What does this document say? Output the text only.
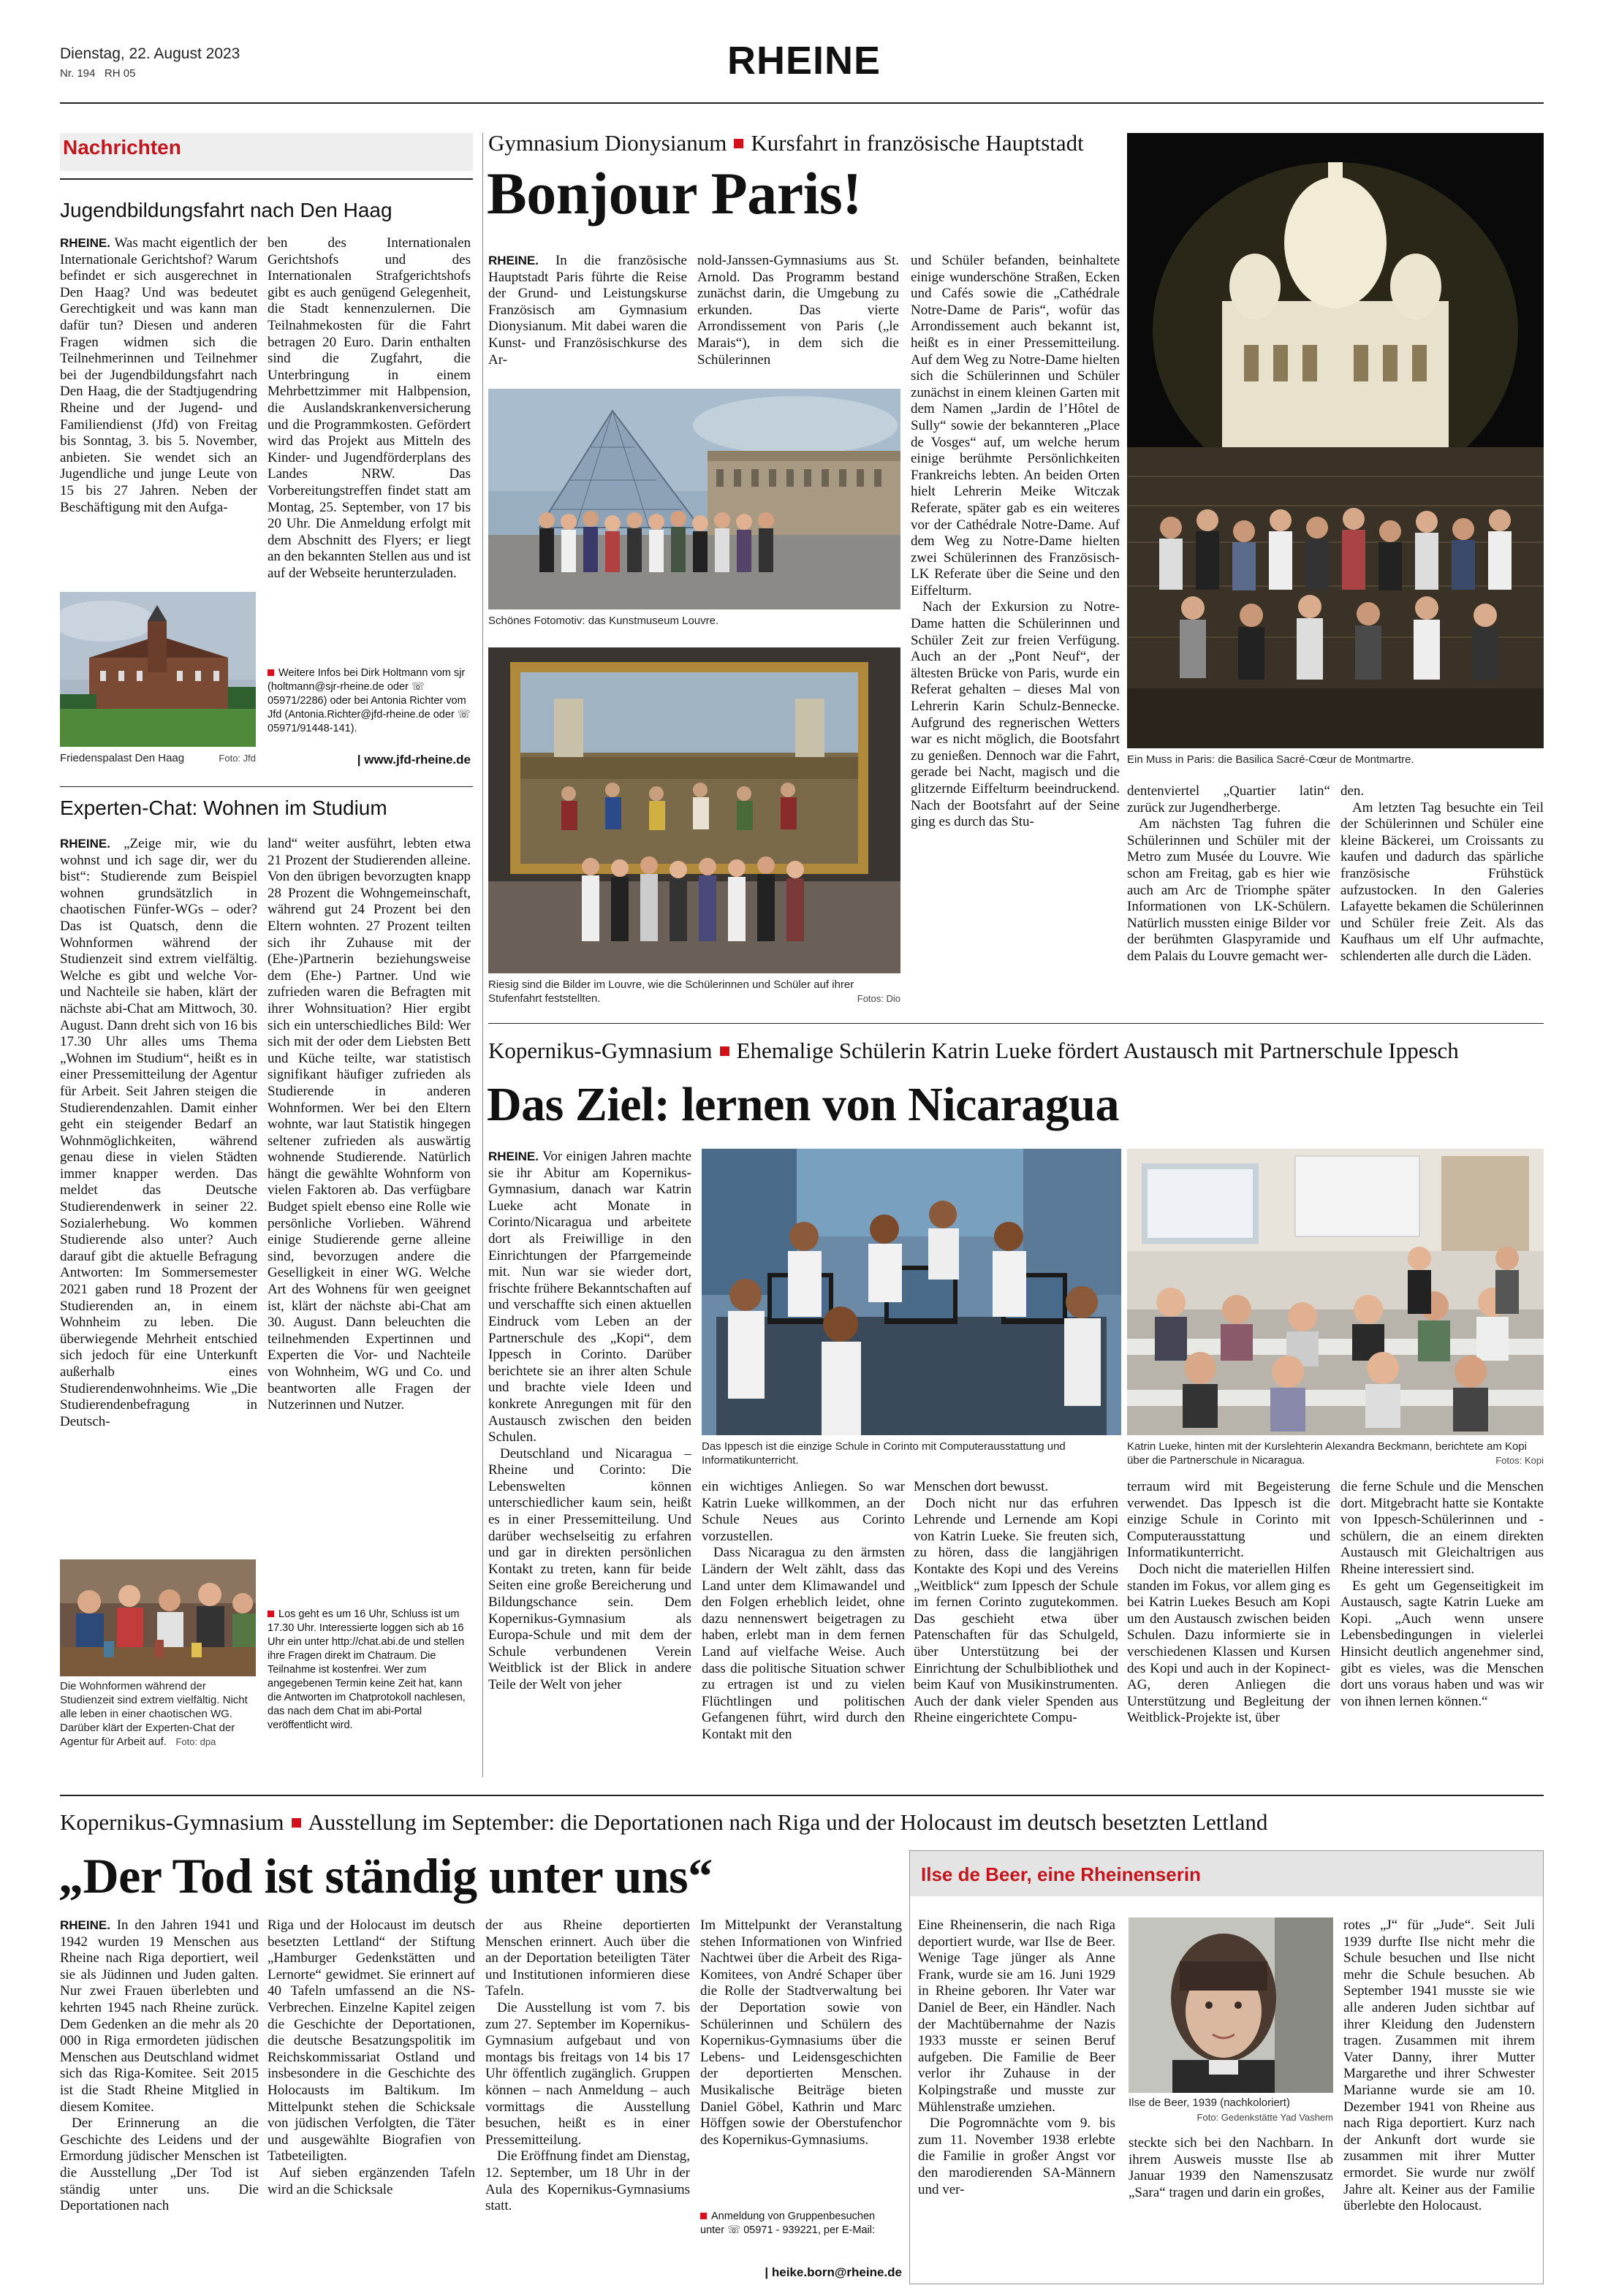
Dienstag, 22. August 2023
Nr. 194 RH 05	RHEINE
Nachrichten
Jugendbildungsfahrt nach Den Haag
RHEINE. Was macht eigentlich der Internationale Gerichtshof? Warum befindet er sich ausgerechnet in Den Haag? Und was bedeutet Gerechtigkeit und was kann man dafür tun? Diesen und anderen Fragen widmen sich die Teilnehmerinnen und Teilnehmer bei der Jugendbildungsfahrt nach Den Haag, die der Stadtjugendring Rheine und der Jugend- und Familiendienst (Jfd) von Freitag bis Sonntag, 3. bis 5. November, anbieten. Sie wendet sich an Jugendliche und junge Leute von 15 bis 27 Jahren. Neben der Beschäftigung mit den Aufga-
ben des Internationalen Gerichtshofs und des Internationalen Strafgerichtshofs gibt es auch genügend Gelegenheit, die Stadt kennenzulernen. Die Teilnahmekosten für die Fahrt betragen 20 Euro. Darin enthalten sind die Zugfahrt, die Unterbringung in einem Mehrbettzimmer mit Halbpension, die Auslandskrankenversicherung und die Programmkosten. Gefördert wird das Projekt aus Mitteln des Kinder- und Jugendförderplans des Landes NRW. Das Vorbereitungstreffen findet statt am Montag, 25. September, von 17 bis 20 Uhr. Die Anmeldung erfolgt mit dem Abschnitt des Flyers; er liegt an den bekannten Stellen aus und ist auf der Webseite herunterzuladen.
Friedenspalast Den Haag	Foto: Jfd
Weitere Infos bei Dirk Holtmann vom sjr (holtmann@sjr-rheine.de oder ☏ 05971/2286) oder bei Antonia Richter vom Jfd (Antonia.Richter@jfd-rheine.de oder ☏ 05971/91448-141).
| www.jfd-rheine.de
Experten-Chat: Wohnen im Studium
RHEINE. „Zeige mir, wie du wohnst und ich sage dir, wer du bist“: Studierende zum Beispiel wohnen grundsätzlich in chaotischen Fünfer-WGs – oder? Das ist Quatsch, denn die Wohnformen während der Studienzeit sind extrem vielfältig. Welche es gibt und welche Vor- und Nachteile sie haben, klärt der nächste abi-Chat am Mittwoch, 30. August. Dann dreht sich von 16 bis 17.30 Uhr alles ums Thema „Wohnen im Studium“, heißt es in einer Pressemitteilung der Agentur für Arbeit. Seit Jahren steigen die Studierendenzahlen. Damit einher geht ein steigender Bedarf an Wohnmöglichkeiten, während genau diese in vielen Städten immer knapper werden. Das meldet das Deutsche Studierendenwerk in seiner 22. Sozialerhebung. Wo kommen Studierende also unter? Auch darauf gibt die aktuelle Befragung Antworten: Im Sommersemester 2021 gaben rund 18 Prozent der Studierenden an, in einem Wohnheim zu leben. Die überwiegende Mehrheit entschied sich jedoch für eine Unterkunft außerhalb eines Studierendenwohnheims. Wie „Die Studierendenbefragung in Deutsch-
land“ weiter ausführt, lebten etwa 21 Prozent der Studierenden alleine. Von den übrigen bevorzugten knapp 28 Prozent die Wohngemeinschaft, während gut 24 Prozent bei den Eltern wohnten. 27 Prozent teilten sich ihr Zuhause mit der (Ehe-)Partnerin beziehungsweise dem (Ehe-) Partner. Und wie zufrieden waren die Befragten mit ihrer Wohnsituation? Hier ergibt sich ein unterschiedliches Bild: Wer sich mit der oder dem Liebsten Bett und Küche teilte, war statistisch signifikant häufiger zufrieden als Studierende in anderen Wohnformen. Wer bei den Eltern wohnte, war laut Statistik hingegen seltener zufrieden als auswärtig wohnende Studierende. Natürlich hängt die gewählte Wohnform von vielen Faktoren ab. Das verfügbare Budget spielt ebenso eine Rolle wie persönliche Vorlieben. Während einige Studierende gerne alleine sind, bevorzugen andere die Geselligkeit in einer WG. Welche Art des Wohnens für wen geeignet ist, klärt der nächste abi-Chat am 30. August. Dann beleuchten die teilnehmenden Expertinnen und Experten die Vor- und Nachteile von Wohnheim, WG und Co. und beantworten alle Fragen der Nutzerinnen und Nutzer.
Die Wohnformen während der Studienzeit sind extrem vielfältig. Nicht alle leben in einer chaotischen WG. Darüber klärt der Experten-Chat der Agentur für Arbeit auf. Foto: dpa
Los geht es um 16 Uhr, Schluss ist um 17.30 Uhr. Interessierte loggen sich ab 16 Uhr ein unter http://chat.abi.de und stellen ihre Fragen direkt im Chatraum. Die Teilnahme ist kostenfrei. Wer zum angegebenen Termin keine Zeit hat, kann die Antworten im Chatprotokoll nachlesen, das nach dem Chat im abi-Portal veröffentlicht wird.
Gymnasium Dionysianum Kursfahrt in französische Hauptstadt
Bonjour Paris!
RHEINE. In die französische Hauptstadt Paris führte die Reise der Grund- und Leistungskurse Französisch am Gymnasium Dionysianum. Mit dabei waren die Kunst- und Französischkurse des Ar-
nold-Janssen-Gymnasiums aus St. Arnold. Das Programm bestand zunächst darin, die Umgebung zu erkunden. Das vierte Arrondissement von Paris („le Marais“), in dem sich die Schülerinnen
Schönes Fotomotiv: das Kunstmuseum Louvre.
Riesig sind die Bilder im Louvre, wie die Schülerinnen und Schüler auf ihrer Stufenfahrt feststellten.	Fotos: Dio

und Schüler befanden, beinhaltete einige wunderschöne Straßen, Ecken und Cafés sowie die „Cathédrale Notre-Dame de Paris“, wofür das Arrondissement auch bekannt ist, heißt es in einer Pressemitteilung. Auf dem Weg zu Notre-Dame hielten sich die Schülerinnen und Schüler zunächst in einem kleinen Garten mit dem Namen „Jardin de l’Hôtel de Sully“ sowie der bekannteren „Place de Vosges“ auf, um welche herum einige berühmte Persönlichkeiten Frankreichs lebten. An beiden Orten hielt Lehrerin Meike Witczak Referate, später gab es ein weiteres vor der Cathédrale Notre-Dame. Auf dem Weg zu Notre-Dame hielten zwei Schülerinnen des Französisch-LK Referate über die Seine und den Eiffelturm.

Nach der Exkursion zu Notre-Dame hatten die Schülerinnen und Schüler Zeit zur freien Verfügung. Auch an der „Pont Neuf“, der ältesten Brücke von Paris, wurde ein Referat gehalten – dieses Mal von Lehrerin Karin Schulz-Bennecke. Aufgrund des regnerischen Wetters war es nicht möglich, die Bootsfahrt zu genießen. Dennoch war die Fahrt, gerade bei Nacht, magisch und die glitzernde Eiffelturm beeindruckend. Nach der Bootsfahrt auf der Seine ging es durch das Stu-

Ein Muss in Paris: die Basilica Sacré-Cœur de Montmartre.

dentenviertel „Quartier latin“ zurück zur Jugendherberge.

Am nächsten Tag fuhren die Schülerinnen und Schüler mit der Metro zum Musée du Louvre. Wie schon am Freitag, gab es hier wie auch am Arc de Triomphe später Informationen von LK-Schülern. Natürlich mussten einige Bilder vor der berühmten Glaspyramide und dem Palais du Louvre gemacht wer-

den.

Am letzten Tag besuchte ein Teil der Schülerinnen und Schüler eine kleine Bäckerei, um Croissants zu kaufen und dadurch das spärliche französische Frühstück aufzustocken. In den Galeries Lafayette bekamen die Schülerinnen und Schüler freie Zeit. Als das Kaufhaus um elf Uhr aufmachte, schlenderten alle durch die Läden.

Kopernikus-Gymnasium Ehemalige Schülerin Katrin Lueke fördert Austausch mit Partnerschule Ippesch
Das Ziel: lernen von Nicaragua

RHEINE. Vor einigen Jahren machte sie ihr Abitur am Kopernikus-Gymnasium, danach war Katrin Lueke acht Monate in Corinto/Nicaragua und arbeitete dort als Freiwillige in den Einrichtungen der Pfarrgemeinde mit. Nun war sie wieder dort, frischte frühere Bekanntschaften auf und verschaffte sich einen aktuellen Eindruck vom Leben an der Partnerschule des „Kopi“, dem Ippesch in Corinto. Darüber berichtete sie an ihrer alten Schule und brachte viele Ideen und konkrete Anregungen mit für den Austausch zwischen den beiden Schulen.

Deutschland und Nicaragua – Rheine und Corinto: Die Lebenswelten können unterschiedlicher kaum sein, heißt es in einer Pressemitteilung. Und darüber wechselseitig zu erfahren und gar in direkten persönlichen Kontakt zu treten, kann für beide Seiten eine große Bereicherung und Bildungschance sein. Dem Kopernikus-Gymnasium als Europa-Schule und mit dem der Schule verbundenen Verein Weitblick ist der Blick in andere Teile der Welt von jeher

Das Ippesch ist die einzige Schule in Corinto mit Computerausstattung und Informatikunterricht.
Katrin Lueke, hinten mit der Kurslehterin Alexandra Beckmann, berichtete am Kopi über die Partnerschule in Nicaragua.	Fotos: Kopi

ein wichtiges Anliegen. So war Katrin Lueke willkommen, an der Schule Neues aus Corinto vorzustellen.

Dass Nicaragua zu den ärmsten Ländern der Welt zählt, dass das Land unter dem Klimawandel und den Folgen erheblich leidet, ohne dazu nennenswert beigetragen zu haben, erlebt man in dem fernen Land auf vielfache Weise. Auch dass die politische Situation schwer zu ertragen ist und zu vielen Flüchtlingen und politischen Gefangenen führt, wird durch den Kontakt mit den

Menschen dort bewusst.

Doch nicht nur das erfuhren Lehrende und Lernende am Kopi von Katrin Lueke. Sie freuten sich, zu hören, dass die langjährigen Kontakte des Kopi und des Vereins „Weitblick“ zum Ippesch der Schule im fernen Corinto zugutekommen. Das geschieht etwa über Patenschaften für das Schulgeld, über Unterstützung bei der Einrichtung der Schulbibliothek und beim Kauf von Musikinstrumenten. Auch der dank vieler Spenden aus Rheine eingerichtete Compu-

terraum wird mit Begeisterung verwendet. Das Ippesch ist die einzige Schule in Corinto mit Computerausstattung und Informatikunterricht.

Doch nicht die materiellen Hilfen standen im Fokus, vor allem ging es bei Katrin Luekes Besuch am Kopi um den Austausch zwischen beiden Schulen. Dazu informierte sie in verschiedenen Klassen und Kursen des Kopi und auch in der Kopinect-AG, deren Anliegen die Unterstützung und Begleitung der Weitblick-Projekte ist, über

die ferne Schule und die Menschen dort. Mitgebracht hatte sie Kontakte von Ippesch-Schülerinnen und -schülern, die an einem direkten Austausch mit Gleichaltrigen aus Rheine interessiert sind.

Es geht um Gegenseitigkeit im Austausch, sagte Katrin Lueke am Kopi. „Auch wenn unsere Lebensbedingungen in vielerlei Hinsicht deutlich angenehmer sind, gibt es vieles, was die Menschen dort uns voraus haben und was wir von ihnen lernen können.“

Kopernikus-Gymnasium Ausstellung im September: die Deportationen nach Riga und der Holocaust im deutsch besetzten Lettland
„Der Tod ist ständig unter uns“

RHEINE. In den Jahren 1941 und 1942 wurden 19 Menschen aus Rheine nach Riga deportiert, weil sie als Jüdinnen und Juden galten. Nur zwei Frauen überlebten und kehrten 1945 nach Rheine zurück. Dem Gedenken an die mehr als 20 000 in Riga ermordeten jüdischen Menschen aus Deutschland widmet sich das Riga-Komitee. Seit 2015 ist die Stadt Rheine Mitglied in diesem Komitee.

Der Erinnerung an die Geschichte des Leidens und der Ermordung jüdischer Menschen ist die Ausstellung „Der Tod ist ständig unter uns. Die Deportationen nach

Riga und der Holocaust im deutsch besetzten Lettland“ der Stiftung „Hamburger Gedenkstätten und Lernorte“ gewidmet. Sie erinnert auf 40 Tafeln umfassend an die NS-Verbrechen. Einzelne Kapitel zeigen die Geschichte der Deportationen, die deutsche Besatzungspolitik im Reichskommissariat Ostland und insbesondere in die Geschichte des Holocausts im Baltikum. Im Mittelpunkt stehen die Schicksale von jüdischen Verfolgten, die Täter und ausgewählte Biografien von Tatbeteiligten.

Auf sieben ergänzenden Tafeln wird an die Schicksale

der aus Rheine deportierten Menschen erinnert. Auch über die an der Deportation beteiligten Täter und Institutionen informieren diese Tafeln.

Die Ausstellung ist vom 7. bis zum 27. September im Kopernikus-Gymnasium aufgebaut und von montags bis freitags von 14 bis 17 Uhr öffentlich zugänglich. Gruppen können – nach Anmeldung – auch vormittags die Ausstellung besuchen, heißt es in einer Pressemitteilung.

Die Eröffnung findet am Dienstag, 12. September, um 18 Uhr in der Aula des Kopernikus-Gymnasiums statt.

Im Mittelpunkt der Veranstaltung stehen Informationen von Winfried Nachtwei über die Arbeit des Riga-Komitees, von André Schaper über die Rolle der Stadtverwaltung bei der Deportation sowie von Schülerinnen und Schülern des Kopernikus-Gymnasiums über die Lebens- und Leidensgeschichten der deportierten Menschen. Musikalische Beiträge bieten Daniel Göbel, Kathrin und Marc Höffgen sowie der Oberstufenchor des Kopernikus-Gymnasiums.
Anmeldung von Gruppenbesuchen unter ☏ 05971 - 939221, per E-Mail:
| heike.born@rheine.de
Ilse de Beer, eine Rheinenserin

Eine Rheinenserin, die nach Riga deportiert wurde, war Ilse de Beer. Wenige Tage jünger als Anne Frank, wurde sie am 16. Juni 1929 in Rheine geboren. Ihr Vater war Daniel de Beer, ein Händler. Nach der Machtübernahme der Nazis 1933 musste er seinen Beruf aufgeben. Die Familie de Beer verlor ihr Zuhause in der Kolpingstraße und musste zur Mühlenstraße umziehen.

Die Pogromnächte vom 9. bis zum 11. November 1938 erlebte die Familie in großer Angst vor den marodierenden SA-Männern und ver-

Ilse de Beer, 1939 (nachkoloriert)
Foto: Gedenkstätte Yad Vashem
steckte sich bei den Nachbarn. In ihrem Ausweis musste Ilse ab Januar 1939 den Namenszusatz „Sara“ tragen und darin ein großes,
rotes „J“ für „Jude“. Seit Juli 1939 durfte Ilse nicht mehr die Schule besuchen und Ilse nicht mehr die Schule besuchen. Ab September 1941 musste sie wie alle anderen Juden sichtbar auf ihrer Kleidung den Judenstern tragen. Zusammen mit ihrem Vater Danny, ihrer Mutter Margarethe und ihrer Schwester Marianne wurde sie am 10. Dezember 1941 von Rheine aus nach Riga deportiert. Kurz nach der Ankunft dort wurde sie zusammen mit ihrer Mutter ermordet. Sie wurde nur zwölf Jahre alt. Keiner aus der Familie überlebte den Holocaust.
